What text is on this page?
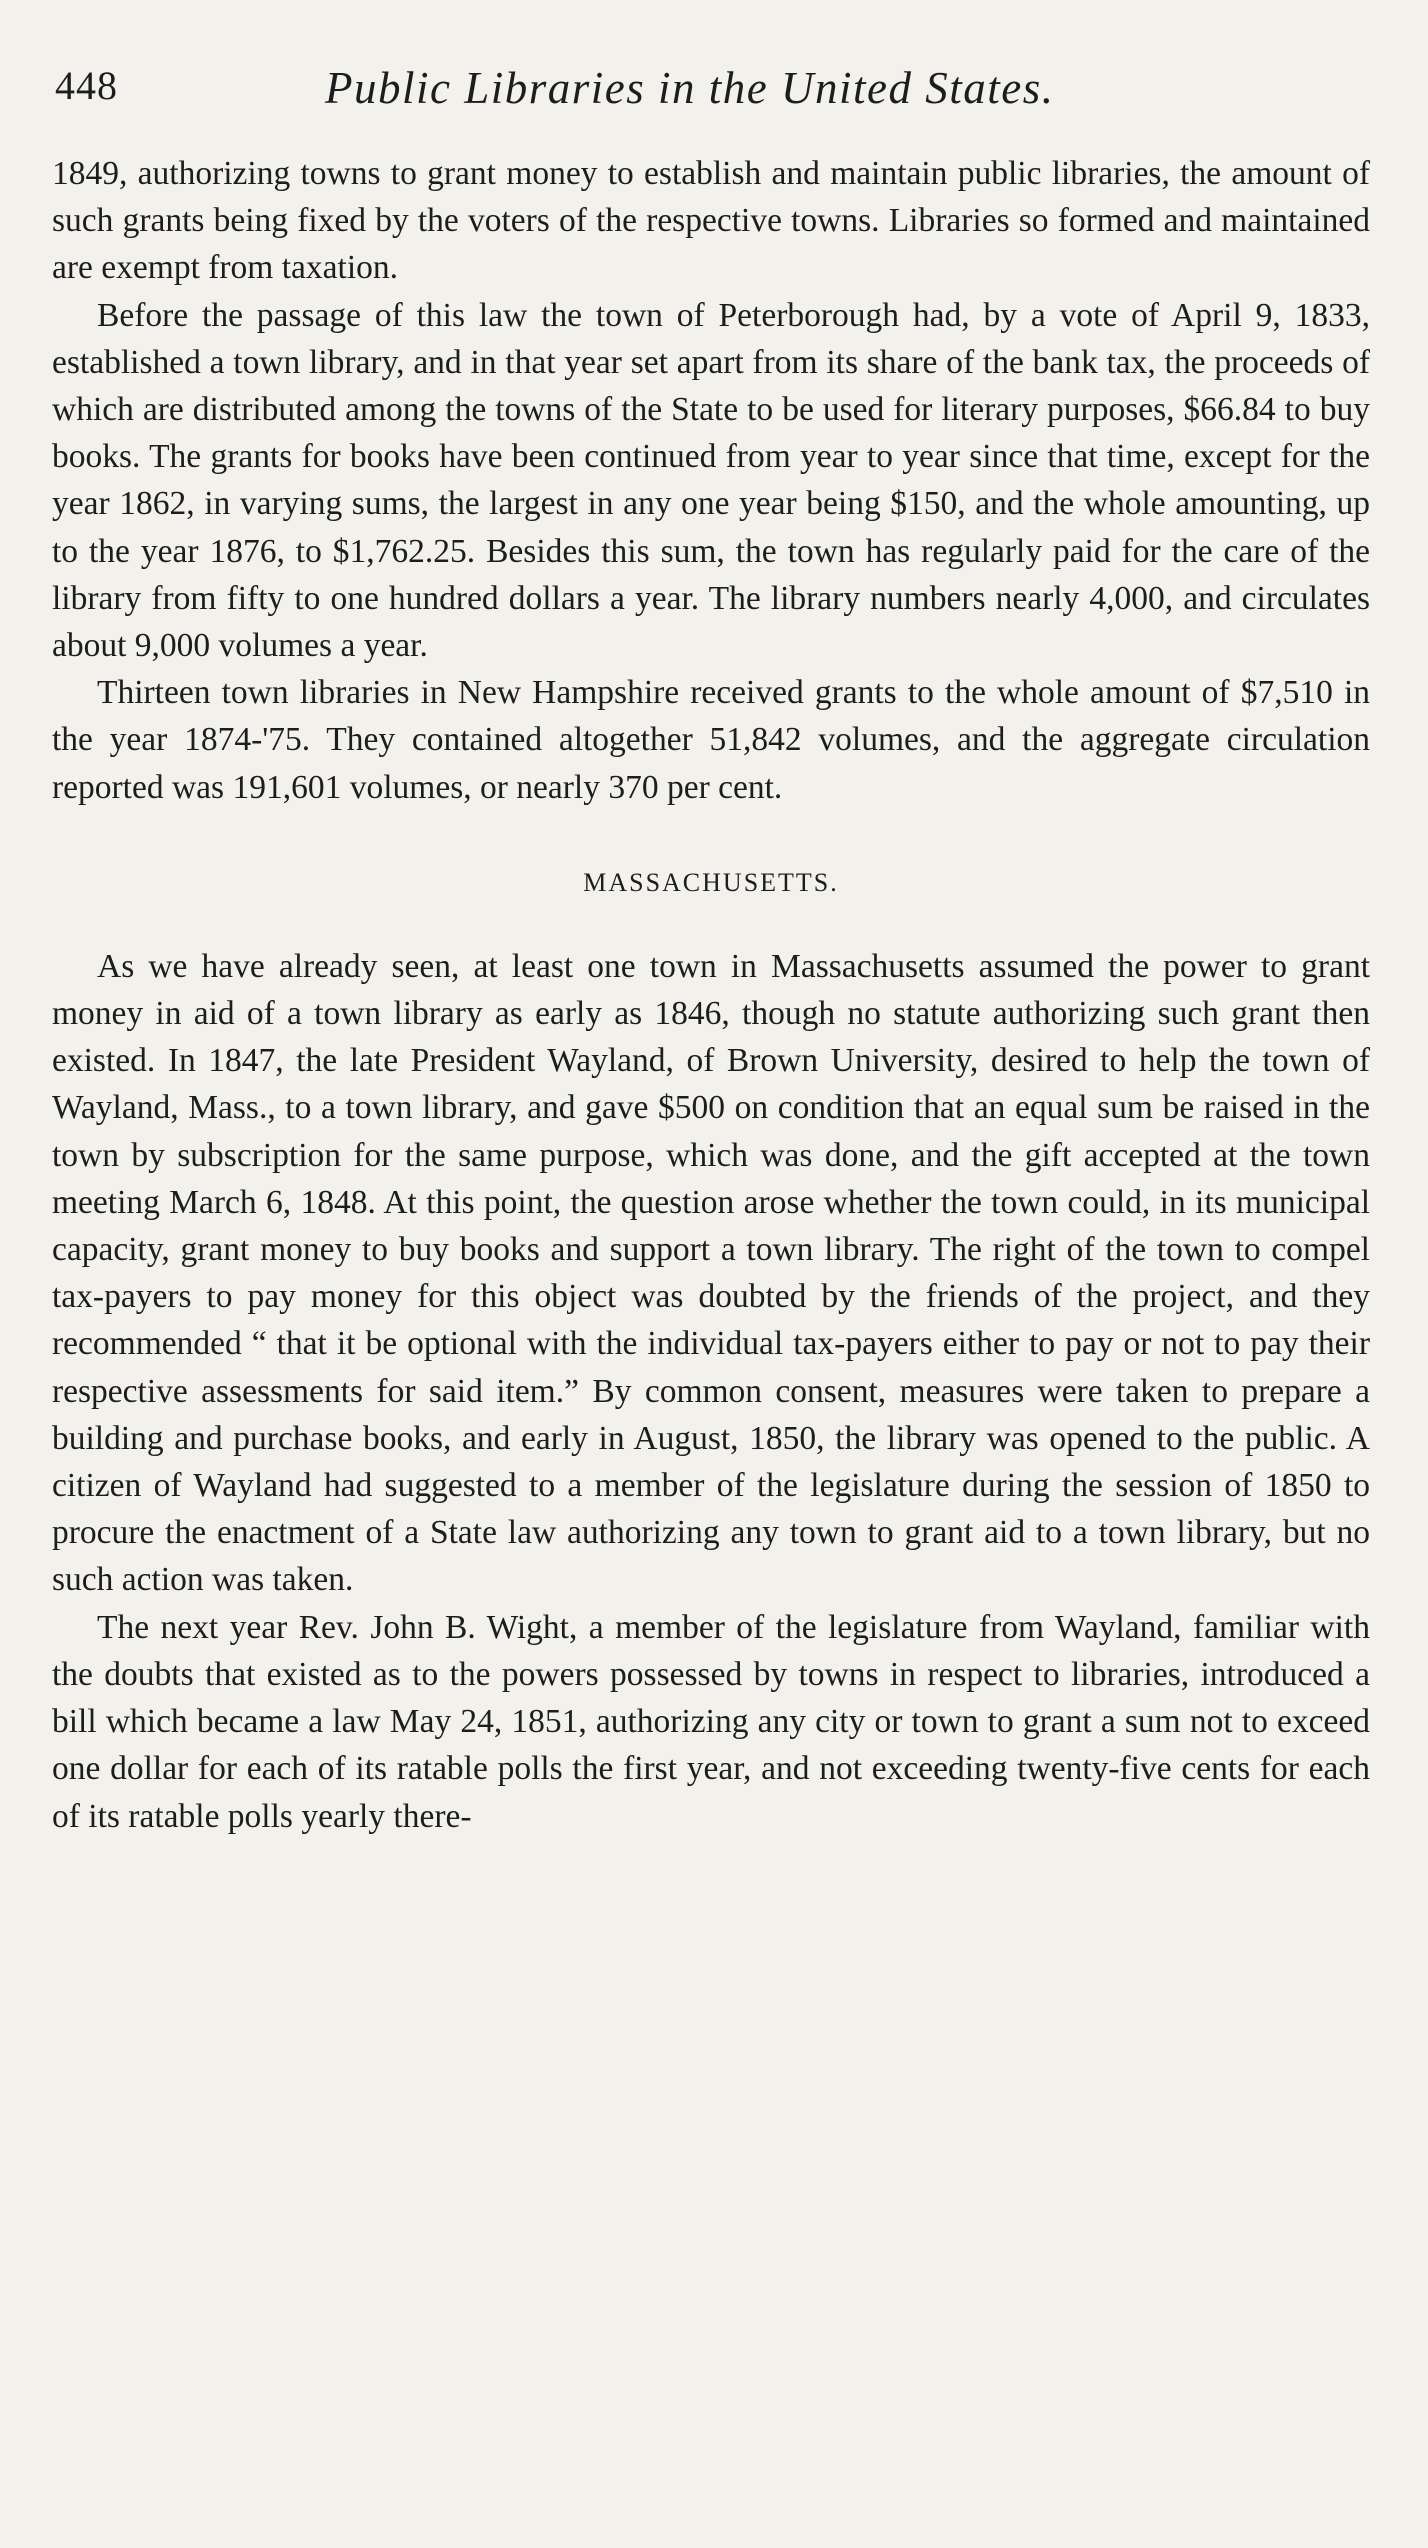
448	Public Libraries in the United States.

1849, authorizing towns to grant money to establish and maintain public libraries, the amount of such grants being fixed by the voters of the respective towns. Libraries so formed and maintained are exempt from taxation.

Before the passage of this law the town of Peterborough had, by a vote of April 9, 1833, established a town library, and in that year set apart from its share of the bank tax, the proceeds of which are distributed among the towns of the State to be used for literary purposes, $66.84 to buy books. The grants for books have been continued from year to year since that time, except for the year 1862, in varying sums, the largest in any one year being $150, and the whole amounting, up to the year 1876, to $1,762.25. Besides this sum, the town has regularly paid for the care of the library from fifty to one hundred dollars a year. The library numbers nearly 4,000, and circulates about 9,000 volumes a year.

Thirteen town libraries in New Hampshire received grants to the whole amount of $7,510 in the year 1874-'75. They contained altogether 51,842 volumes, and the aggregate circulation reported was 191,601 volumes, or nearly 370 per cent.

MASSACHUSETTS.

As we have already seen, at least one town in Massachusetts assumed the power to grant money in aid of a town library as early as 1846, though no statute authorizing such grant then existed. In 1847, the late President Wayland, of Brown University, desired to help the town of Wayland, Mass., to a town library, and gave $500 on condition that an equal sum be raised in the town by subscription for the same purpose, which was done, and the gift accepted at the town meeting March 6, 1848. At this point, the question arose whether the town could, in its municipal capacity, grant money to buy books and support a town library. The right of the town to compel tax-payers to pay money for this object was doubted by the friends of the project, and they recommended “ that it be optional with the individual tax-payers either to pay or not to pay their respective assessments for said item.” By common consent, measures were taken to prepare a building and purchase books, and early in August, 1850, the library was opened to the public. A citizen of Wayland had suggested to a member of the legislature during the session of 1850 to procure the enactment of a State law authorizing any town to grant aid to a town library, but no such action was taken.

The next year Rev. John B. Wight, a member of the legislature from Wayland, familiar with the doubts that existed as to the powers possessed by towns in respect to libraries, introduced a bill which became a law May 24, 1851, authorizing any city or town to grant a sum not to exceed one dollar for each of its ratable polls the first year, and not exceeding twenty-five cents for each of its ratable polls yearly there-
